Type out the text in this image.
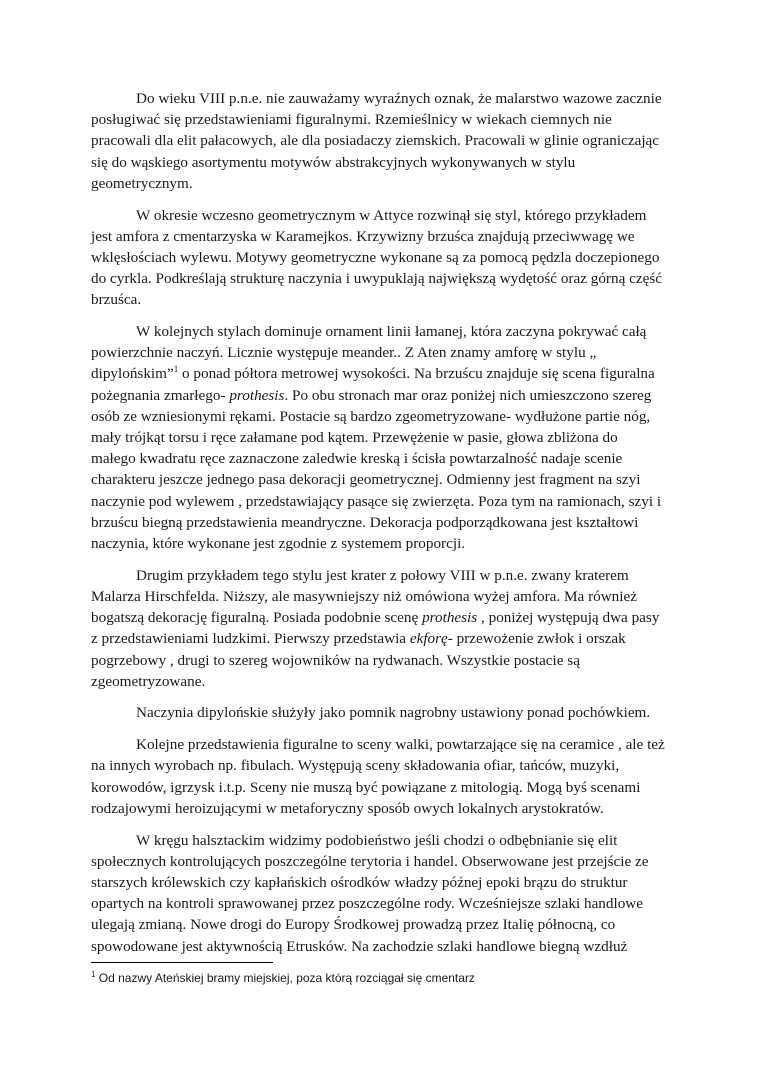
Do wieku VIII p.n.e. nie zauważamy wyraźnych oznak, że malarstwo wazowe zacznie
posługiwać się przedstawieniami figuralnymi. Rzemieślnicy w wiekach ciemnych nie
pracowali dla elit pałacowych, ale dla posiadaczy ziemskich. Pracowali w glinie ograniczając
się do wąskiego asortymentu motywów abstrakcyjnych wykonywanych w stylu
geometrycznym.

W okresie wczesno geometrycznym w Attyce rozwinął się styl, którego przykładem
jest amfora z cmentarzyska w Karamejkos. Krzywizny brzuśca znajdują przeciwwagę we
wklęsłościach wylewu. Motywy geometryczne wykonane są za pomocą pędzla doczepionego
do cyrkla. Podkreślają strukturę naczynia i uwypuklają największą wydętość oraz górną część
brzuśca.

W kolejnych stylach dominuje ornament linii łamanej, która zaczyna pokrywać całą
powierzchnie naczyń. Licznie występuje meander.. Z Aten znamy amforę w stylu „
dipylońskim”$^1$ o ponad półtora metrowej wysokości. Na brzuścu znajduje się scena figuralna
pożegnania zmarłego- prothesis. Po obu stronach mar oraz poniżej nich umieszczono szereg
osób ze wzniesionymi rękami. Postacie są bardzo zgeometryzowane- wydłużone partie nóg,
mały trójkąt torsu i ręce załamane pod kątem. Przewężenie w pasie, głowa zbliżona do
małego kwadratu ręce zaznaczone zaledwie kreską i ścisła powtarzalność nadaje scenie
charakteru jeszcze jednego pasa dekoracji geometrycznej. Odmienny jest fragment na szyi
naczynie pod wylewem , przedstawiający pasące się zwierzęta. Poza tym na ramionach, szyi i
brzuścu biegną przedstawienia meandryczne. Dekoracja podporządkowana jest kształtowi
naczynia, które wykonane jest zgodnie z systemem proporcji.

Drugim przykładem tego stylu jest krater z połowy VIII w p.n.e. zwany kraterem
Malarza Hirschfelda. Niższy, ale masywniejszy niż omówiona wyżej amfora. Ma również
bogatszą dekorację figuralną. Posiada podobnie scenę prothesis , poniżej występują dwa pasy
z przedstawieniami ludzkimi. Pierwszy przedstawia ekforę- przewożenie zwłok i orszak
pogrzebowy , drugi to szereg wojowników na rydwanach. Wszystkie postacie są
zgeometryzowane.

Naczynia dipylońskie służyły jako pomnik nagrobny ustawiony ponad pochówkiem.

Kolejne przedstawienia figuralne to sceny walki, powtarzające się na ceramice , ale też
na innych wyrobach np. fibulach. Występują sceny składowania ofiar, tańców, muzyki,
korowodów, igrzysk i.t.p. Sceny nie muszą być powiązane z mitologią. Mogą byś scenami
rodzajowymi heroizującymi w metaforyczny sposób owych lokalnych arystokratów.

W kręgu halsztackim widzimy podobieństwo jeśli chodzi o odbębnianie się elit
społecznych kontrolujących poszczególne terytoria i handel. Obserwowane jest przejście ze
starszych królewskich czy kapłańskich ośrodków władzy późnej epoki brązu do struktur
opartych na kontroli sprawowanej przez poszczególne rody. Wcześniejsze szlaki handlowe
ulegają zmianą. Nowe drogi do Europy Środkowej prowadzą przez Italię północną, co
spowodowane jest aktywnością Etrusków. Na zachodzie szlaki handlowe biegną wzdłuż

$^1$ Od nazwy Ateńskiej bramy miejskiej, poza którą rozciągał się cmentarz
